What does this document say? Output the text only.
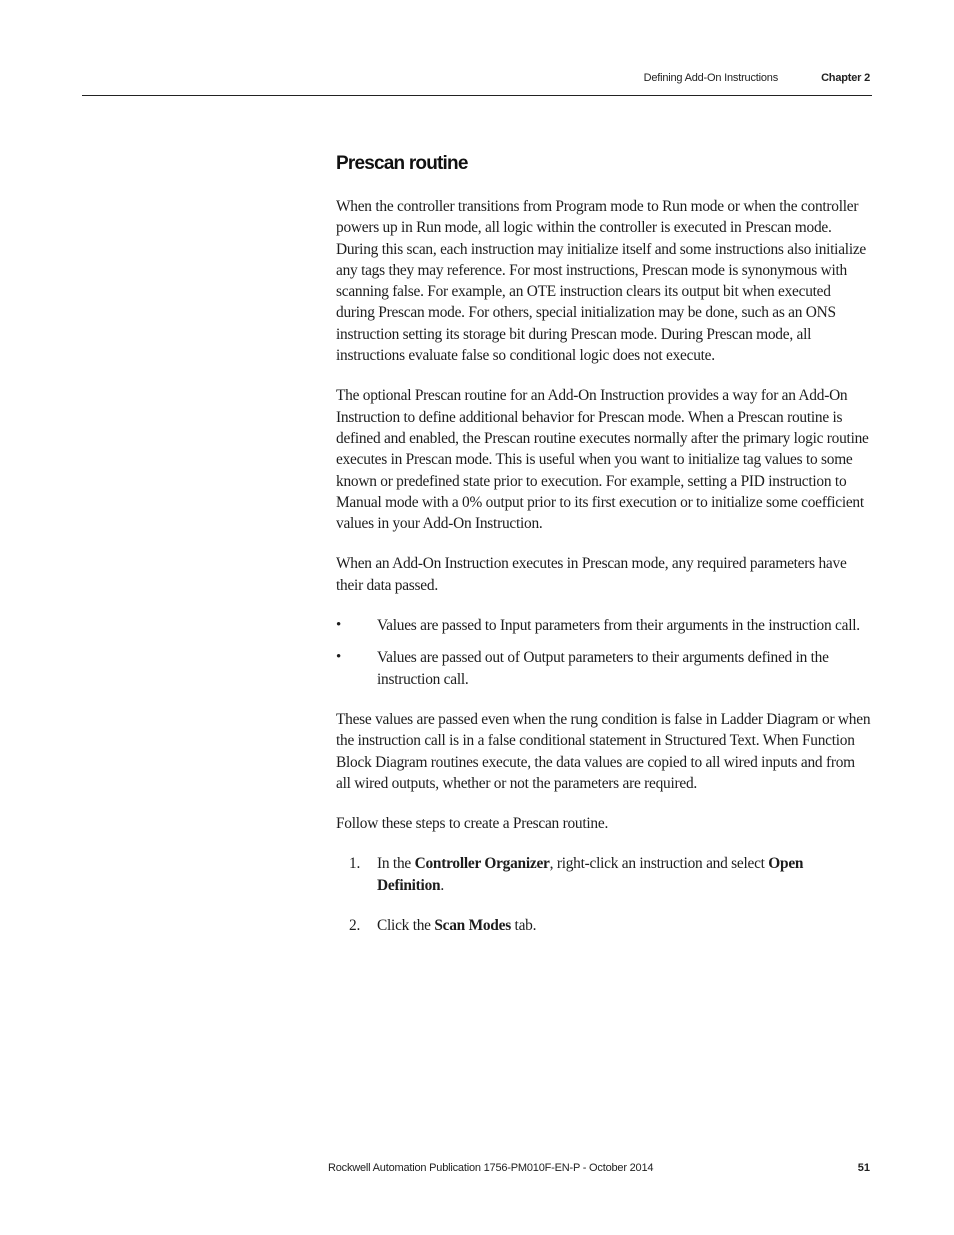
Defining Add-On Instructions	Chapter 2
Prescan routine

When the controller transitions from Program mode to Run mode or when the controller powers up in Run mode, all logic within the controller is executed in Prescan mode. During this scan, each instruction may initialize itself and some instructions also initialize any tags they may reference. For most instructions, Prescan mode is synonymous with scanning false. For example, an OTE instruction clears its output bit when executed during Prescan mode. For others, special initialization may be done, such as an ONS instruction setting its storage bit during Prescan mode. During Prescan mode, all instructions evaluate false so conditional logic does not execute.

The optional Prescan routine for an Add-On Instruction provides a way for an Add-On Instruction to define additional behavior for Prescan mode. When a Prescan routine is defined and enabled, the Prescan routine executes normally after the primary logic routine executes in Prescan mode. This is useful when you want to initialize tag values to some known or predefined state prior to execution. For example, setting a PID instruction to Manual mode with a 0% output prior to its first execution or to initialize some coefficient values in your Add-On Instruction.

When an Add-On Instruction executes in Prescan mode, any required parameters have their data passed.

•	Values are passed to Input parameters from their arguments in the instruction call.
•	Values are passed out of Output parameters to their arguments defined in the instruction call.

These values are passed even when the rung condition is false in Ladder Diagram or when the instruction call is in a false conditional statement in Structured Text. When Function Block Diagram routines execute, the data values are copied to all wired inputs and from all wired outputs, whether or not the parameters are required.

Follow these steps to create a Prescan routine.

1. In the Controller Organizer, right-click an instruction and select Open Definition.
2. Click the Scan Modes tab.
Rockwell Automation Publication 1756-PM010F-EN-P - October 2014	51
